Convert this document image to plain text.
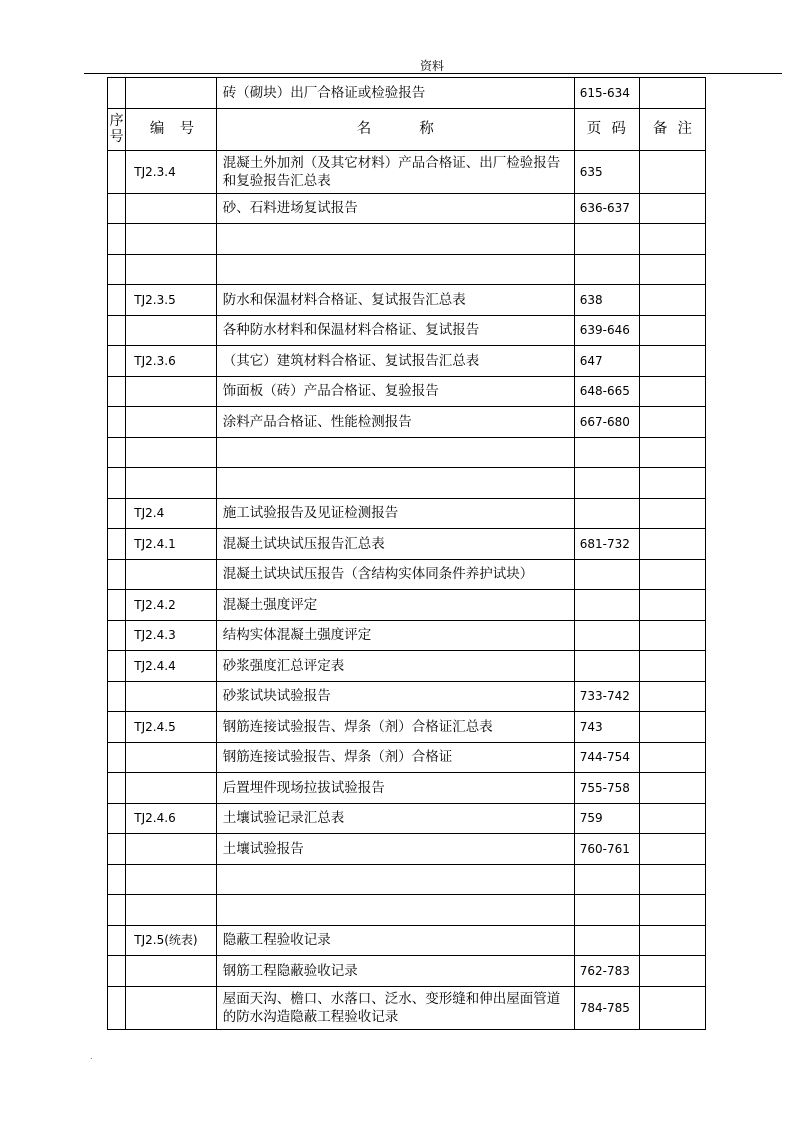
资料
		砖（砌块）出厂合格证或检验报告	615-634	

序
号	编 号	名 称	页 码	备 注

	TJ2.3.4	混凝土外加剂（及其它材料）产品合格证、出厂检验报告和复验报告汇总表	635	
		砂、石料进场复试报告	636-637	

	TJ2.3.5	防水和保温材料合格证、复试报告汇总表	638	
		各种防水材料和保温材料合格证、复试报告	639-646	
	TJ2.3.6	（其它）建筑材料合格证、复试报告汇总表	647	
		饰面板（砖）产品合格证、复验报告	648-665	
		涂料产品合格证、性能检测报告	667-680	

	TJ2.4	施工试验报告及见证检测报告		
	TJ2.4.1	混凝土试块试压报告汇总表	681-732	
		混凝土试块试压报告（含结构实体同条件养护试块）		
	TJ2.4.2	混凝土强度评定		
	TJ2.4.3	结构实体混凝土强度评定		
	TJ2.4.4	砂浆强度汇总评定表		
		砂浆试块试验报告	733-742	
	TJ2.4.5	钢筋连接试验报告、焊条（剂）合格证汇总表	743	
		钢筋连接试验报告、焊条（剂）合格证	744-754	
		后置埋件现场拉拔试验报告	755-758	
	TJ2.4.6	土壤试验记录汇总表	759	
		土壤试验报告	760-761	

	TJ2.5(统表)	隐蔽工程验收记录		
		钢筋工程隐蔽验收记录	762-783	
		屋面天沟、檐口、水落口、泛水、变形缝和伸出屋面管道的防水沟造隐蔽工程验收记录	784-785	
.
